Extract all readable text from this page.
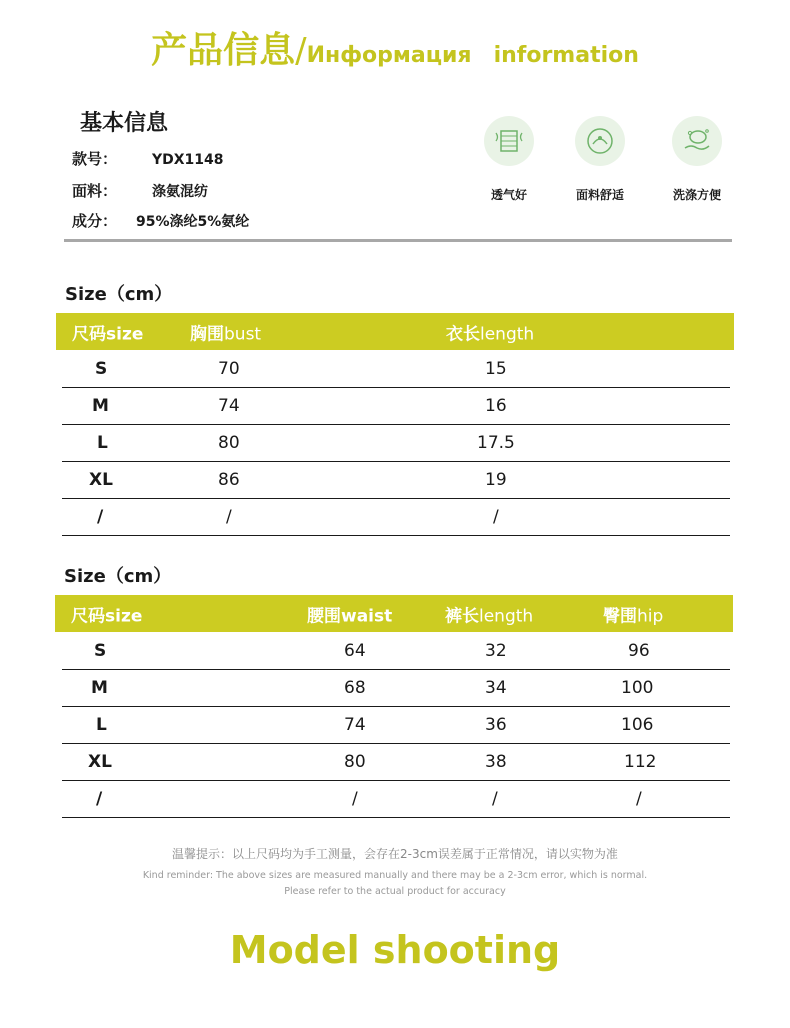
产品信息/Информация information
基本信息
款号： YDX1148
面料： 涤氨混纺
成分： 95%涤纶5%氨纶
透气好	面料舒适	洗涤方便
Size（cm）
尺码size	胸围bust	衣长length
S	70	15
M	74	16
L	80	17.5
XL	86	19
/	/	/
Size（cm）
尺码size	腰围waist	裤长length	臀围hip
S	64	32	96
M	68	34	100
L	74	36	106
XL	80	38	112
/	/	/	/
温馨提示：以上尺码均为手工测量，会存在2-3cm误差属于正常情况，请以实物为准
Kind reminder: The above sizes are measured manually and there may be a 2-3cm error, which is normal.
Please refer to the actual product for accuracy
Model shooting
